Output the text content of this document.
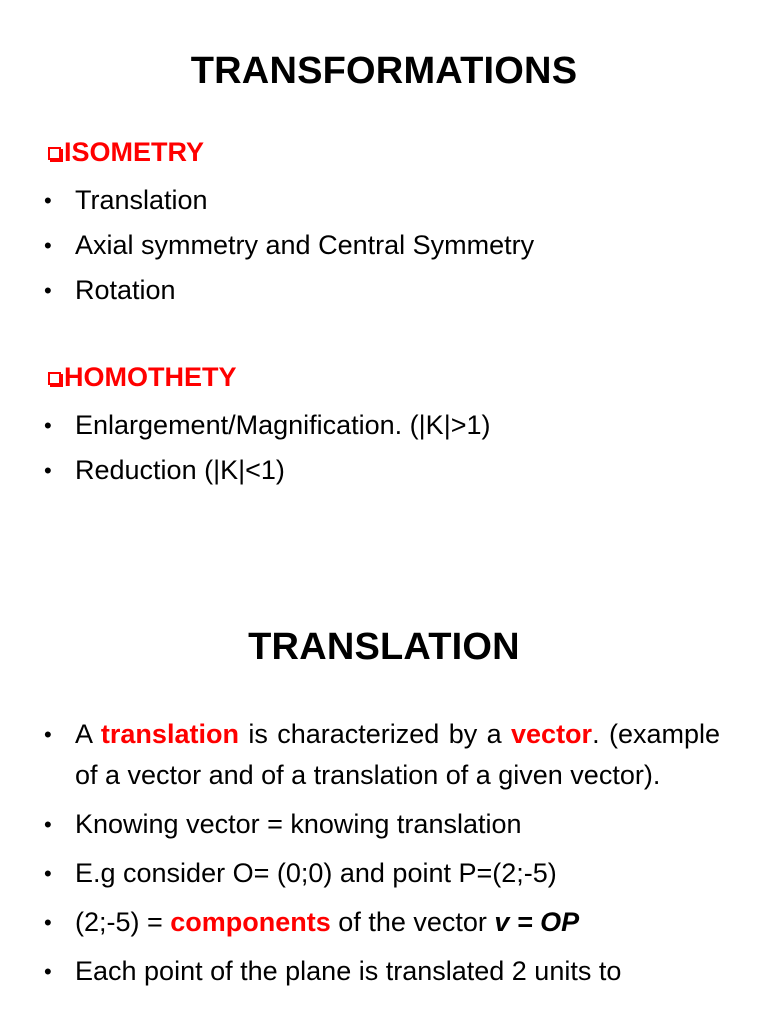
TRANSFORMATIONS
ISOMETRY
• Translation
• Axial symmetry and Central Symmetry
• Rotation
HOMOTHETY
• Enlargement/Magnification. (|K|>1)
• Reduction (|K|<1)
TRANSLATION
• A translation is characterized by a vector. (example of a vector and of a translation of a given vector).
• Knowing vector = knowing translation
• E.g consider O= (0;0) and point P=(2;-5)
• (2;-5) = components of the vector v = OP
• Each point of the plane is translated 2 units to
